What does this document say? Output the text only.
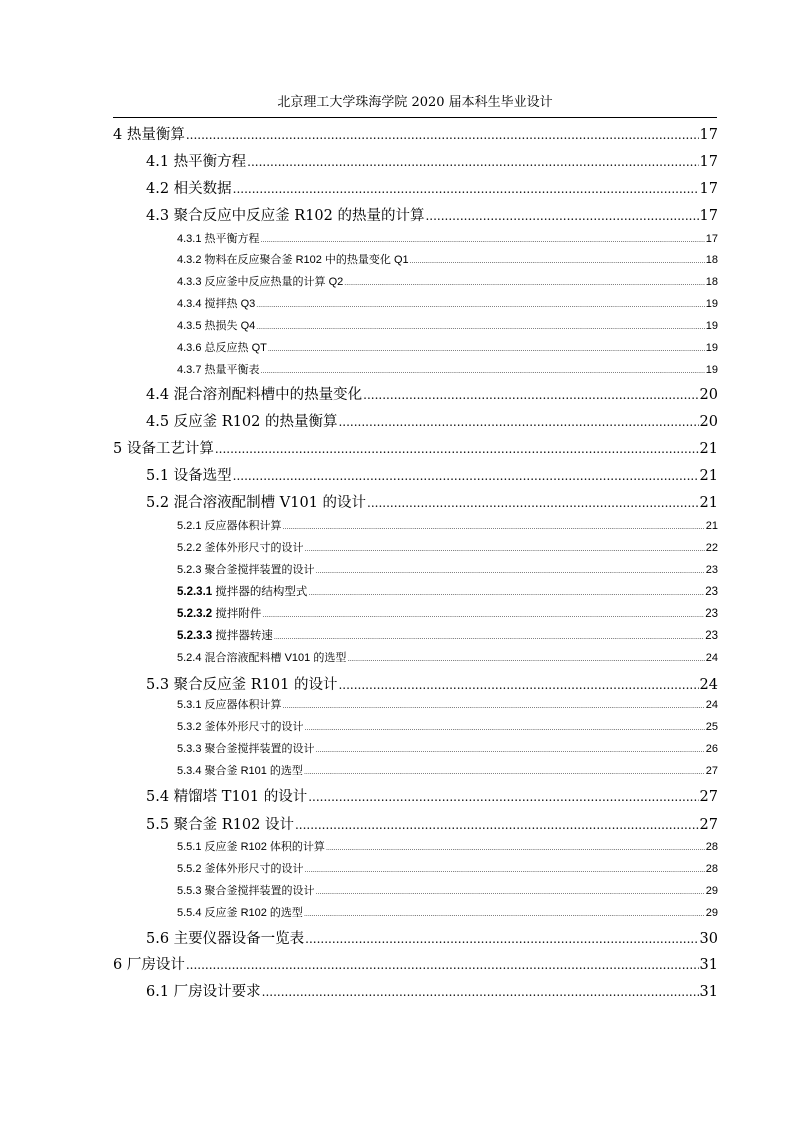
北京理工大学珠海学院 2020 届本科生毕业设计
4 热量衡算 .....	17
4.1 热平衡方程 .....	17
4.2 相关数据 .....	17
4.3 聚合反应中反应釜 R102 的热量的计算 .....	17
4.3.1 热平衡方程 .....	17
4.3.2 物料在反应聚合釜 R102 中的热量变化 Q1 .....	18
4.3.3 反应釜中反应热量的计算 Q2 .....	18
4.3.4 搅拌热 Q3 .....	19
4.3.5 热损失 Q4 .....	19
4.3.6 总反应热 QT .....	19
4.3.7 热量平衡表 .....	19
4.4 混合溶剂配料槽中的热量变化 .....	20
4.5 反应釜 R102 的热量衡算 .....	20
5 设备工艺计算 .....	21
5.1 设备选型 .....	21
5.2 混合溶液配制槽 V101 的设计 .....	21
5.2.1 反应器体积计算 .....	21
5.2.2 釜体外形尺寸的设计 .....	22
5.2.3 聚合釜搅拌装置的设计 .....	23
5.2.3.1 搅拌器的结构型式 .....	23
5.2.3.2 搅拌附件 .....	23
5.2.3.3 搅拌器转速 .....	23
5.2.4 混合溶液配料槽 V101 的选型 .....	24
5.3 聚合反应釜 R101 的设计 .....	24
5.3.1 反应器体积计算 .....	24
5.3.2 釜体外形尺寸的设计 .....	25
5.3.3 聚合釜搅拌装置的设计 .....	26
5.3.4 聚合釜 R101 的选型 .....	27
5.4 精馏塔 T101 的设计 .....	27
5.5 聚合釜 R102 设计 .....	27
5.5.1 反应釜 R102 体积的计算 .....	28
5.5.2 釜体外形尺寸的设计 .....	28
5.5.3 聚合釜搅拌装置的设计 .....	29
5.5.4 反应釜 R102 的选型 .....	29
5.6 主要仪器设备一览表 .....	30
6 厂房设计 .....	31
6.1 厂房设计要求 .....	31
